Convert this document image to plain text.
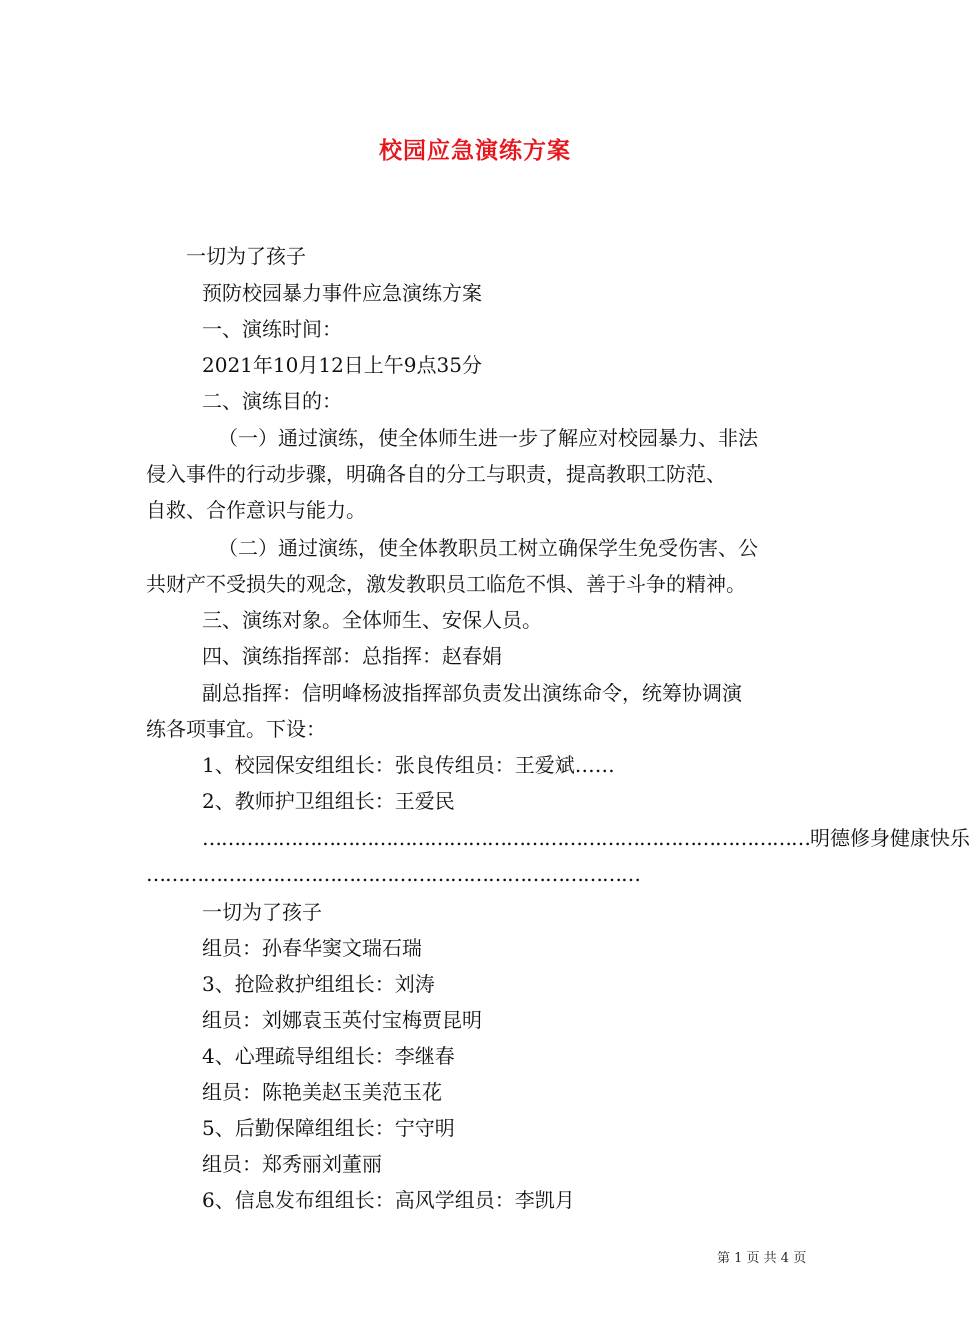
校园应急演练方案
一切为了孩子
预防校园暴力事件应急演练方案
一、演练时间：
2021年10月12日上午9点35分
二、演练目的：
（一）通过演练，使全体师生进一步了解应对校园暴力、非法
侵入事件的行动步骤，明确各自的分工与职责，提高教职工防范、
自救、合作意识与能力。
（二）通过演练，使全体教职员工树立确保学生免受伤害、公
共财产不受损失的观念，激发教职员工临危不惧、善于斗争的精神。
三、演练对象。全体师生、安保人员。
四、演练指挥部：总指挥：赵春娟
副总指挥：信明峰杨波指挥部负责发出演练命令，统筹协调演
练各项事宜。下设：
1、校园保安组组长：张良传组员：王爱斌……
2、教师护卫组组长：王爱民
…………………………………………………………………………………… 明德修身健康快乐
……………………………………………………………………
一切为了孩子
组员：孙春华窦文瑞石瑞
3、抢险救护组组长：刘涛
组员：刘娜袁玉英付宝梅贾昆明
4、心理疏导组组长：李继春
组员：陈艳美赵玉美范玉花
5、后勤保障组组长：宁守明
组员：郑秀丽刘董丽
6、信息发布组组长：高风学组员：李凯月
第 1 页 共 4 页
